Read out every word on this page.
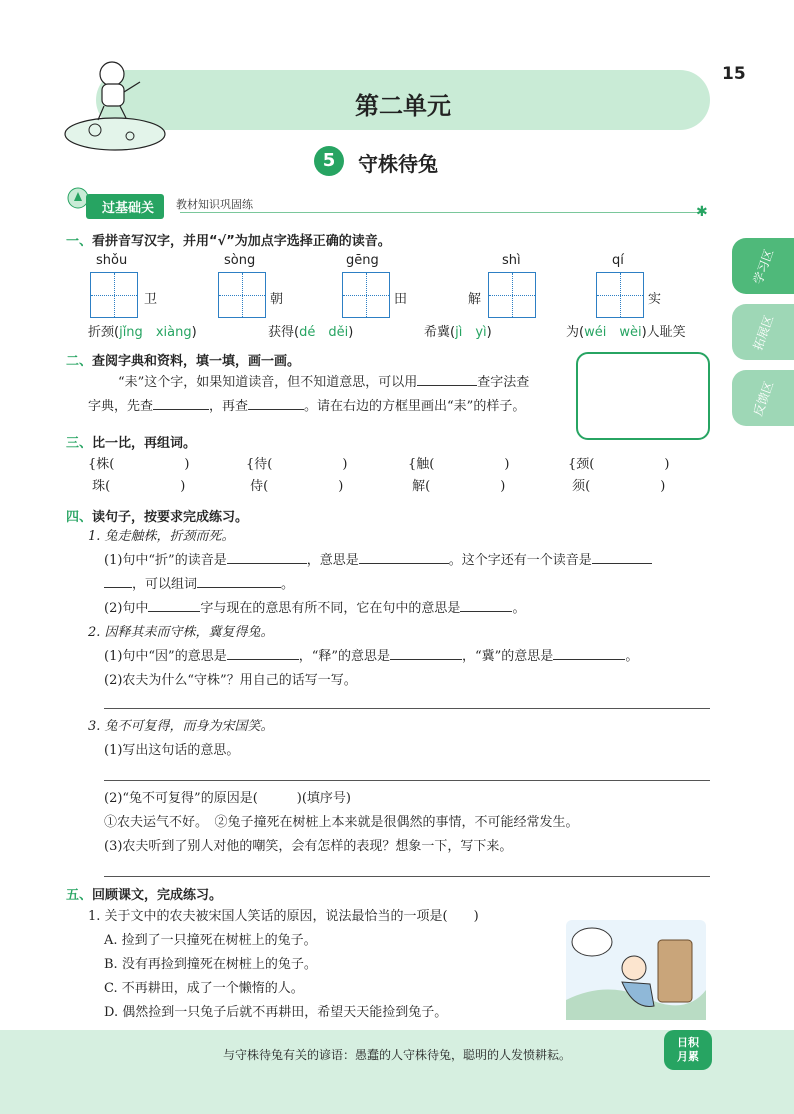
第二单元
15
5	守株待兔
过基础关	教材知识巩固练	✱
学习区
拓展区
反馈区
一、看拼音写汉字，并用“√”为加点字选择正确的读音。
shǒu	sòng	gēng	shì	qí
卫	朝	田	解	实
折颈(jǐng　 xiàng)	获得(dé　 děi)	希冀(jì　 yì)	为(wéi　 wèi)人耻笑
二、查阅字典和资料，填一填，画一画。
“耒”这个字，如果知道读音，但不知道意思，可以用	查字法查
字典，先查	，再查	。请在右边的方框里画出“耒”的样子。
三、比一比，再组词。
{株(	)
珠(	)
{待(	)
侍(	)
{触(	)
解(	)
{颈(	)
须(	)
四、读句子，按要求完成练习。
1. 兔走触株，折颈而死。
(1)句中“折”的读音是	，意思是	。这个字还有一个读音是
，可以组词	。
(2)句中	字与现在的意思有所不同，它在句中的意思是	。
2. 因释其耒而守株，冀复得兔。
(1)句中“因”的意思是	，“释”的意思是	，“冀”的意思是	。
(2)农夫为什么“守株”？用自己的话写一写。
3. 兔不可复得，而身为宋国笑。
(1)写出这句话的意思。
(2)“兔不可复得”的原因是(　　　)(填序号)
①农夫运气不好。　②兔子撞死在树桩上本来就是很偶然的事情，不可能经常发生。
(3)农夫听到了别人对他的嘲笑，会有怎样的表现？想象一下，写下来。
五、回顾课文，完成练习。
1. 关于文中的农夫被宋国人笑话的原因，说法最恰当的一项是(　　)
A. 捡到了一只撞死在树桩上的兔子。
B. 没有再捡到撞死在树桩上的兔子。
C. 不再耕田，成了一个懒惰的人。
D. 偶然捡到一只兔子后就不再耕田，希望天天能捡到兔子。
与守株待兔有关的谚语：愚蠢的人守株待兔，聪明的人发愤耕耘。
日积
月累
